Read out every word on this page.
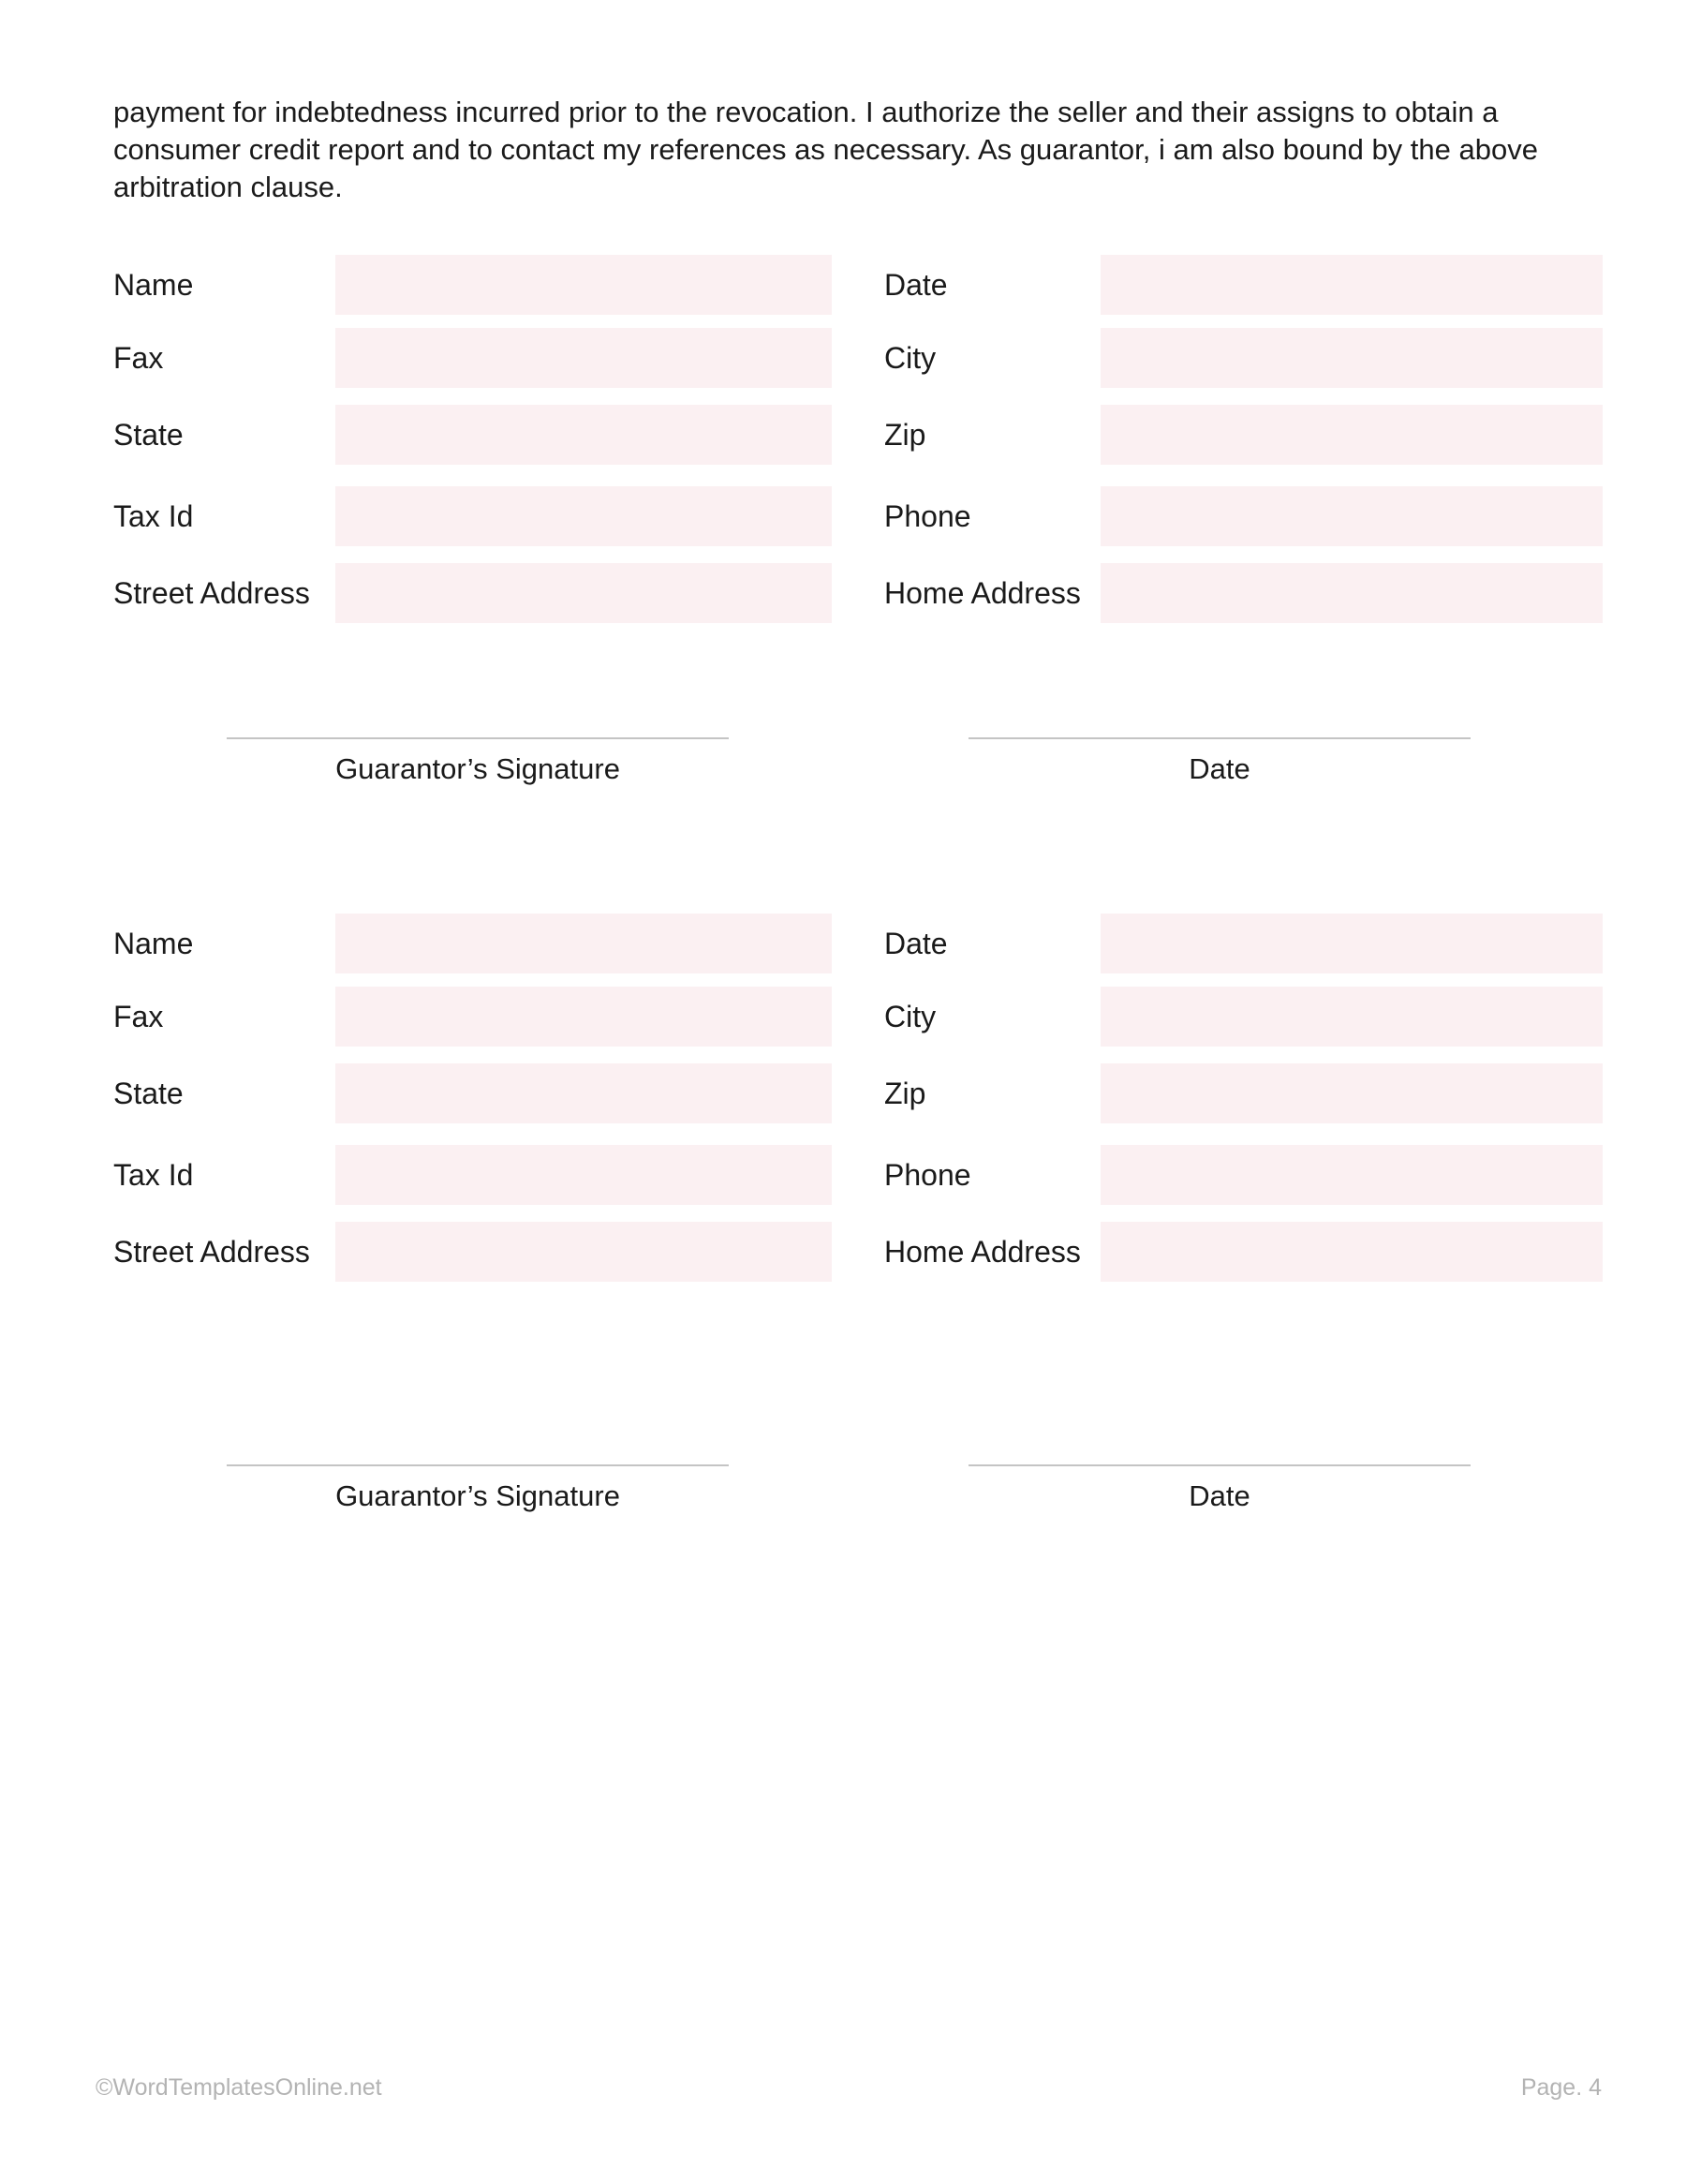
payment for indebtedness incurred prior to the revocation. I authorize the seller and their assigns to obtain a
consumer credit report and to contact my references as necessary. As guarantor, i am also bound by the above
arbitration clause.

Name	Date
Fax	City
State	Zip
Tax Id	Phone
Street Address	Home Address
Guarantor’s Signature	Date
Name	Date
Fax	City
State	Zip
Tax Id	Phone
Street Address	Home Address
Guarantor’s Signature	Date
©WordTemplatesOnline.net	Page. 4
